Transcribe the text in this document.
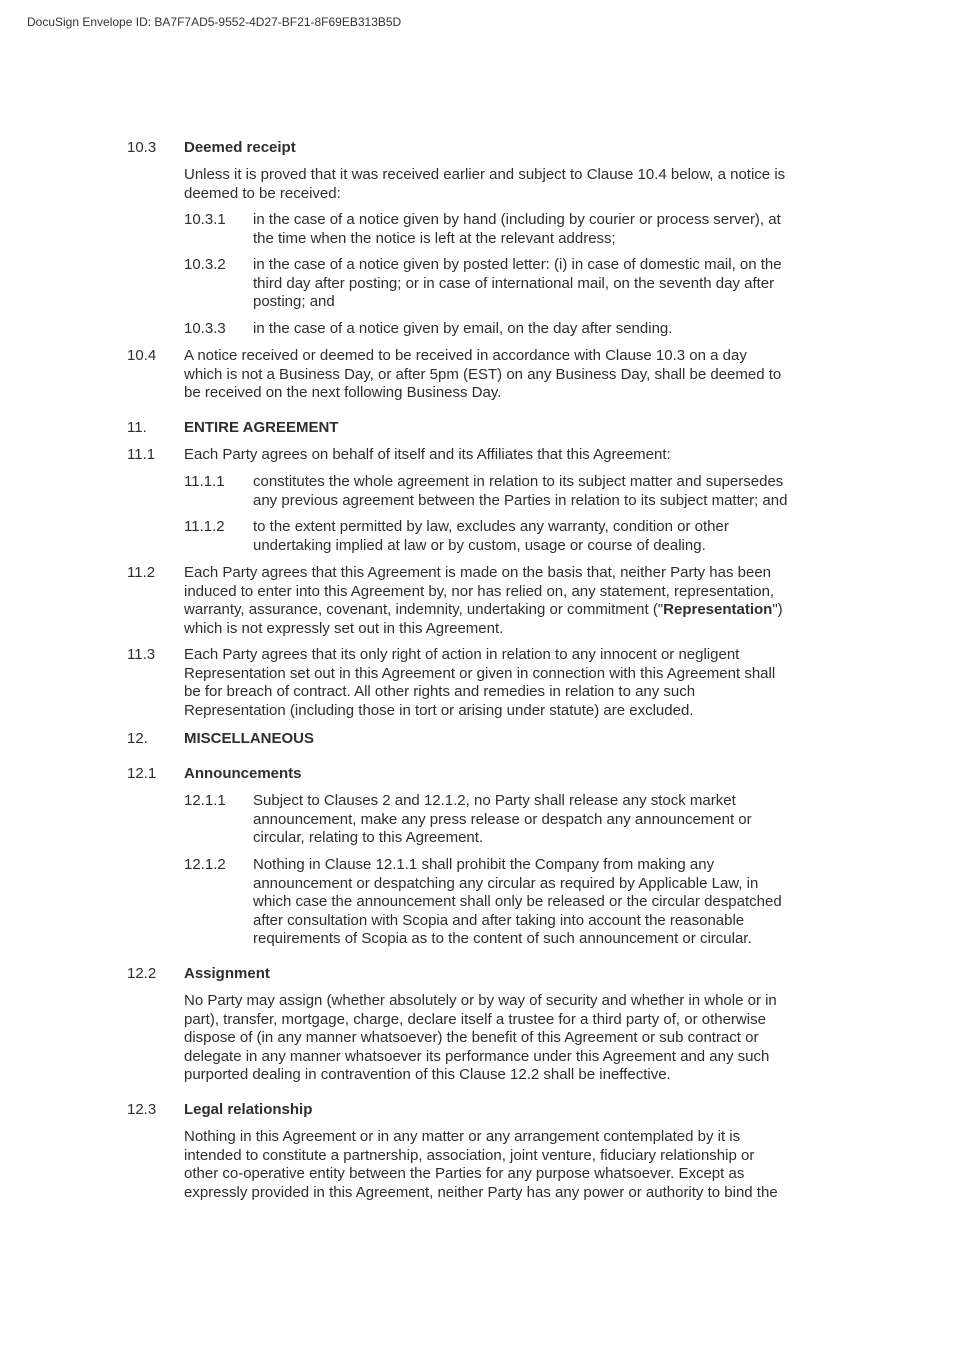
DocuSign Envelope ID: BA7F7AD5-9552-4D27-BF21-8F69EB313B5D
10.3 Deemed receipt
Unless it is proved that it was received earlier and subject to Clause 10.4 below, a notice is
deemed to be received:
10.3.1 in the case of a notice given by hand (including by courier or process server), at
the time when the notice is left at the relevant address;
10.3.2 in the case of a notice given by posted letter: (i) in case of domestic mail, on the
third day after posting; or in case of international mail, on the seventh day after
posting; and
10.3.3 in the case of a notice given by email, on the day after sending.
10.4 A notice received or deemed to be received in accordance with Clause 10.3 on a day
which is not a Business Day, or after 5pm (EST) on any Business Day, shall be deemed to
be received on the next following Business Day.
11. ENTIRE AGREEMENT
11.1 Each Party agrees on behalf of itself and its Affiliates that this Agreement:
11.1.1 constitutes the whole agreement in relation to its subject matter and supersedes
any previous agreement between the Parties in relation to its subject matter; and
11.1.2 to the extent permitted by law, excludes any warranty, condition or other
undertaking implied at law or by custom, usage or course of dealing.
11.2 Each Party agrees that this Agreement is made on the basis that, neither Party has been
induced to enter into this Agreement by, nor has relied on, any statement, representation,
warranty, assurance, covenant, indemnity, undertaking or commitment ("Representation")
which is not expressly set out in this Agreement.
11.3 Each Party agrees that its only right of action in relation to any innocent or negligent
Representation set out in this Agreement or given in connection with this Agreement shall
be for breach of contract. All other rights and remedies in relation to any such
Representation (including those in tort or arising under statute) are excluded.
12. MISCELLANEOUS
12.1 Announcements
12.1.1 Subject to Clauses 2 and 12.1.2, no Party shall release any stock market
announcement, make any press release or despatch any announcement or
circular, relating to this Agreement.
12.1.2 Nothing in Clause 12.1.1 shall prohibit the Company from making any
announcement or despatching any circular as required by Applicable Law, in
which case the announcement shall only be released or the circular despatched
after consultation with Scopia and after taking into account the reasonable
requirements of Scopia as to the content of such announcement or circular.
12.2 Assignment
No Party may assign (whether absolutely or by way of security and whether in whole or in
part), transfer, mortgage, charge, declare itself a trustee for a third party of, or otherwise
dispose of (in any manner whatsoever) the benefit of this Agreement or sub contract or
delegate in any manner whatsoever its performance under this Agreement and any such
purported dealing in contravention of this Clause 12.2 shall be ineffective.
12.3 Legal relationship
Nothing in this Agreement or in any matter or any arrangement contemplated by it is
intended to constitute a partnership, association, joint venture, fiduciary relationship or
other co-operative entity between the Parties for any purpose whatsoever. Except as
expressly provided in this Agreement, neither Party has any power or authority to bind the
